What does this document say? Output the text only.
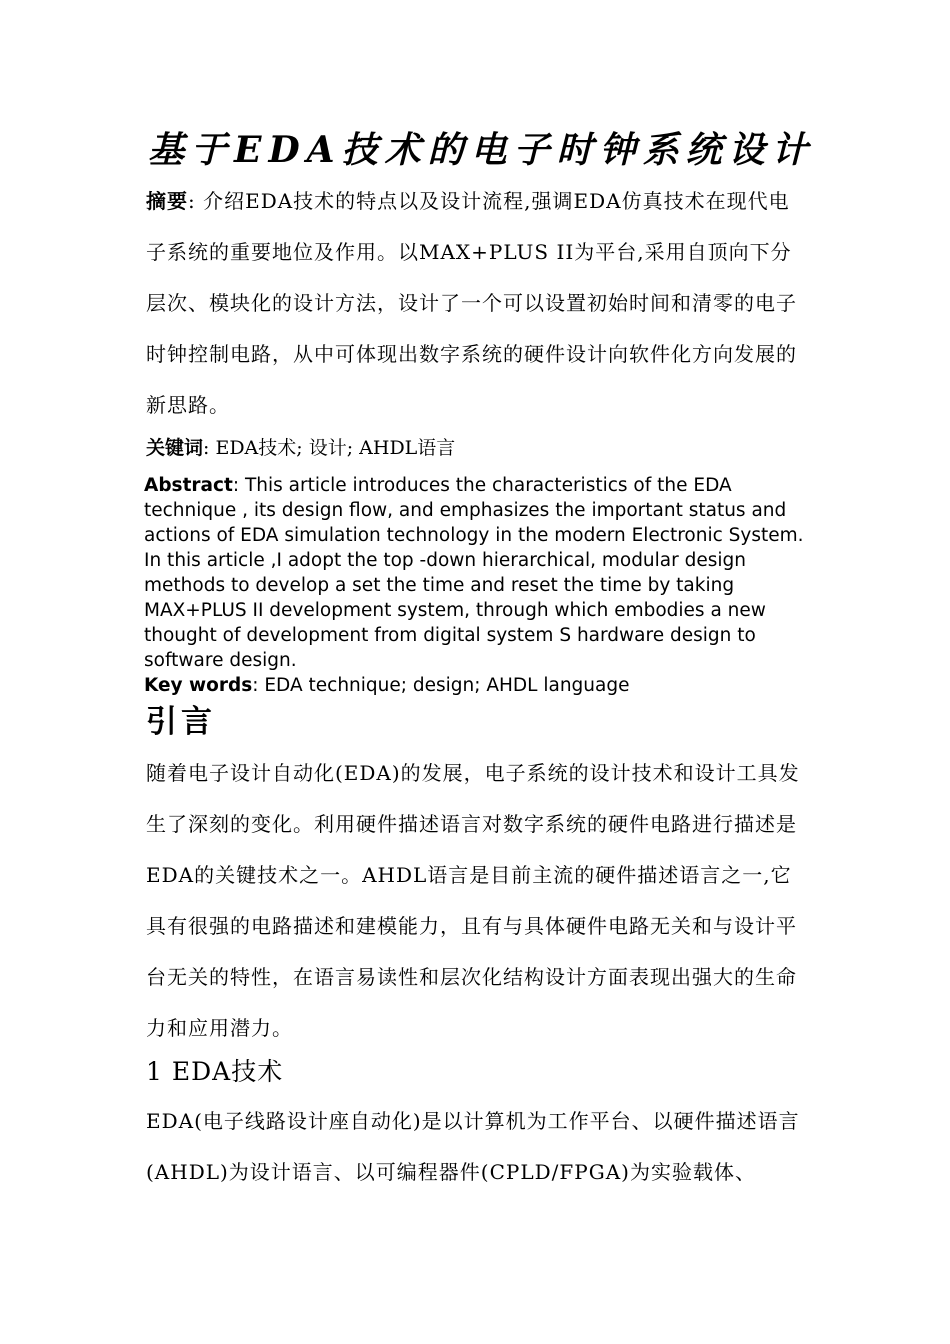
基于EDA技术的电子时钟系统设计
摘要: 介绍EDA技术的特点以及设计流程,强调EDA仿真技术在现代电子系统的重要地位及作用。以MAX+PLUS II为平台,采用自顶向下分层次、模块化的设计方法，设计了一个可以设置初始时间和清零的电子时钟控制电路，从中可体现出数字系统的硬件设计向软件化方向发展的新思路。
关键词: EDA技术; 设计; AHDL语言
Abstract: This article introduces the characteristics of the EDA technique , its design flow, and emphasizes the important status and actions of EDA simulation technology in the modern Electronic System. In this article ,I adopt the top -down hierarchical, modular design methods to develop a set the time and reset the time by taking MAX+PLUS II development system, through which embodies a new thought of development from digital system S hardware design to software design.
Key words: EDA technique; design; AHDL language
引言
随着电子设计自动化(EDA)的发展，电子系统的设计技术和设计工具发生了深刻的变化。利用硬件描述语言对数字系统的硬件电路进行描述是EDA的关键技术之一。AHDL语言是目前主流的硬件描述语言之一,它具有很强的电路描述和建模能力，且有与具体硬件电路无关和与设计平台无关的特性，在语言易读性和层次化结构设计方面表现出强大的生命力和应用潜力。
1 EDA技术
EDA(电子线路设计座自动化)是以计算机为工作平台、以硬件描述语言(AHDL)为设计语言、以可编程器件(CPLD/FPGA)为实验载体、
